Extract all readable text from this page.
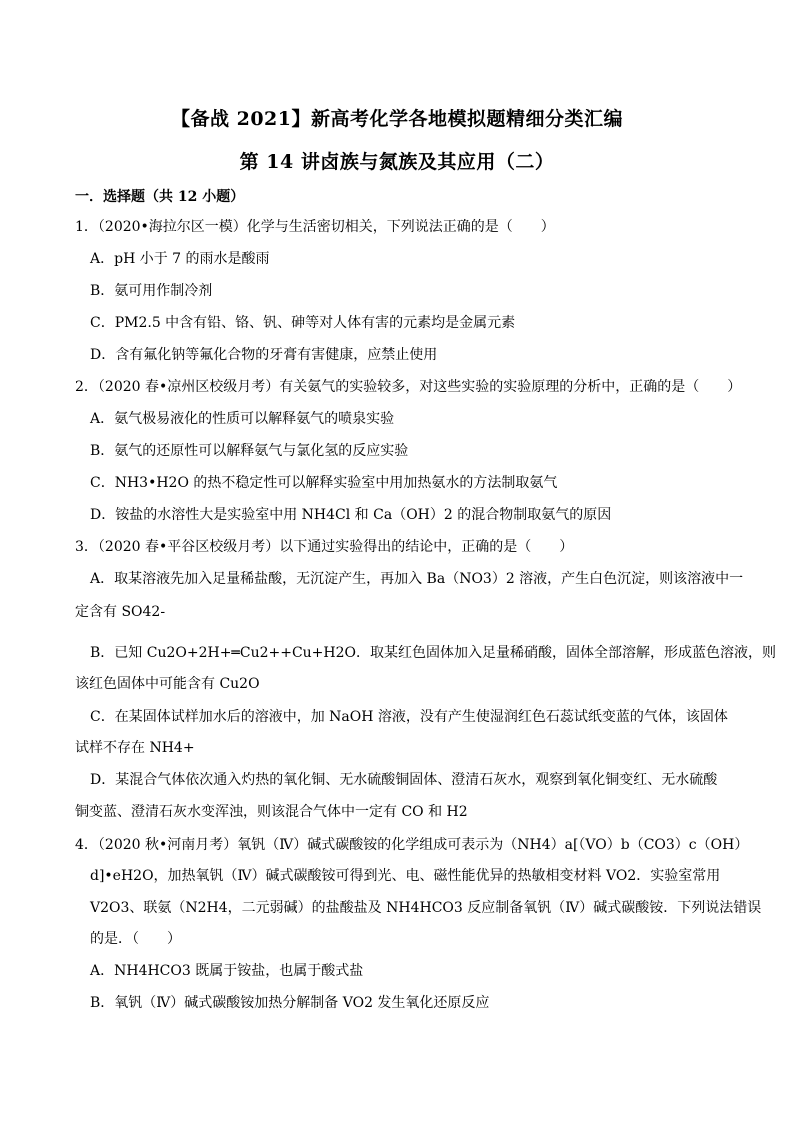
【备战 2021】新高考化学各地模拟题精细分类汇编
第 14 讲卤族与氮族及其应用（二）
一．选择题（共 12 小题）
1．（2020•海拉尔区一模）化学与生活密切相关，下列说法正确的是（　　）
A．pH 小于 7 的雨水是酸雨
B．氨可用作制冷剂
C．PM2.5 中含有铅、铬、钒、砷等对人体有害的元素均是金属元素
D．含有氟化钠等氟化合物的牙膏有害健康，应禁止使用
2．（2020 春•凉州区校级月考）有关氨气的实验较多，对这些实验的实验原理的分析中，正确的是（　　）
A．氨气极易液化的性质可以解释氨气的喷泉实验
B．氨气的还原性可以解释氨气与氯化氢的反应实验
C．NH3•H2O 的热不稳定性可以解释实验室中用加热氨水的方法制取氨气
D．铵盐的水溶性大是实验室中用 NH4Cl 和 Ca（OH）2 的混合物制取氨气的原因
3．（2020 春•平谷区校级月考）以下通过实验得出的结论中，正确的是（　　）
A．取某溶液先加入足量稀盐酸，无沉淀产生，再加入 Ba（NO3）2 溶液，产生白色沉淀，则该溶液中一
定含有 SO42-
B．已知 Cu2O+2H+═Cu2++Cu+H2O．取某红色固体加入足量稀硝酸，固体全部溶解，形成蓝色溶液，则
该红色固体中可能含有 Cu2O
C．在某固体试样加水后的溶液中，加 NaOH 溶液，没有产生使湿润红色石蕊试纸变蓝的气体，该固体
试样不存在 NH4+
D．某混合气体依次通入灼热的氧化铜、无水硫酸铜固体、澄清石灰水，观察到氧化铜变红、无水硫酸
铜变蓝、澄清石灰水变浑浊，则该混合气体中一定有 CO 和 H2
4．（2020 秋•河南月考）氧钒（Ⅳ）碱式碳酸铵的化学组成可表示为（NH4）a[（VO）b（CO3）c（OH）
d]•eH2O，加热氧钒（Ⅳ）碱式碳酸铵可得到光、电、磁性能优异的热敏相变材料 VO2．实验室常用
V2O3、联氨（N2H4，二元弱碱）的盐酸盐及 NH4HCO3 反应制备氧钒（Ⅳ）碱式碳酸铵．下列说法错误
的是．（　　）
A．NH4HCO3 既属于铵盐，也属于酸式盐
B．氧钒（Ⅳ）碱式碳酸铵加热分解制备 VO2 发生氧化还原反应
